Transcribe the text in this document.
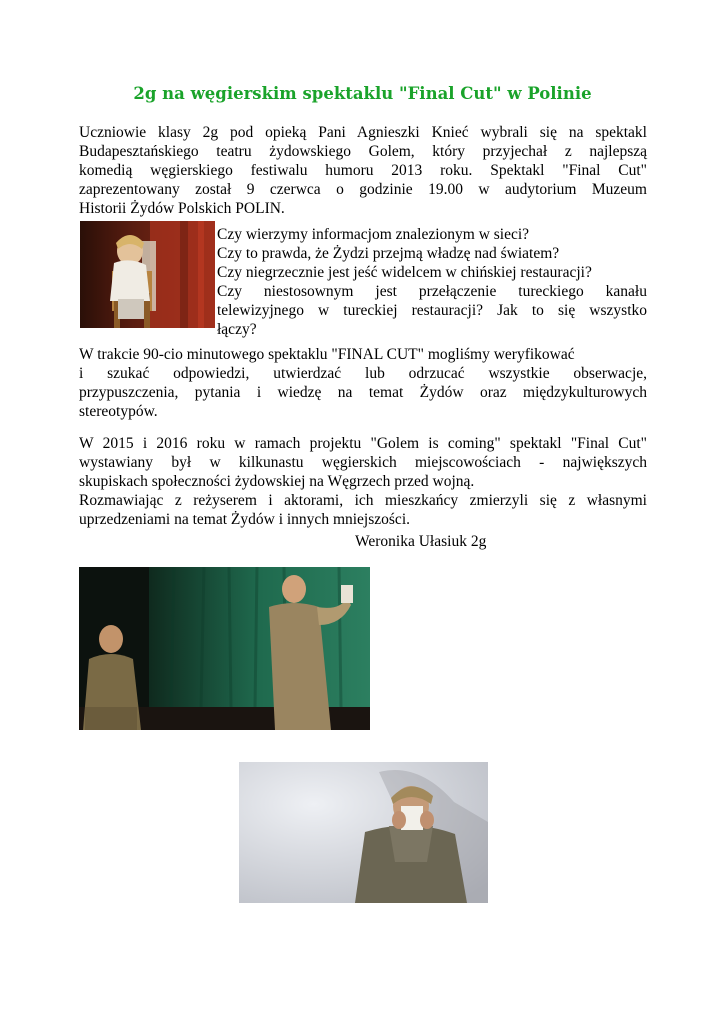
2g na węgierskim spektaklu "Final Cut" w Polinie
Uczniowie klasy 2g pod opieką Pani Agnieszki Knieć wybrali się na spektakl
Budapesztańskiego teatru żydowskiego Golem, który przyjechał z najlepszą
komedią węgierskiego festiwalu humoru 2013 roku. Spektakl "Final Cut"
zaprezentowany został 9 czerwca o godzinie 19.00 w audytorium Muzeum
Historii Żydów Polskich POLIN.
Czy wierzymy informacjom znalezionym w sieci?
Czy to prawda, że Żydzi przejmą władzę nad światem?
Czy niegrzecznie jest jeść widelcem w chińskiej restauracji?
Czy niestosownym jest przełączenie tureckiego kanału
telewizyjnego w tureckiej restauracji? Jak to się wszystko
łączy?
W trakcie 90-cio minutowego spektaklu "FINAL CUT" mogliśmy weryfikować
i szukać odpowiedzi, utwierdzać lub odrzucać wszystkie obserwacje,
przypuszczenia, pytania i wiedzę na temat Żydów oraz międzykulturowych
stereotypów.
W 2015 i 2016 roku w ramach projektu "Golem is coming" spektakl "Final Cut"
wystawiany był w kilkunastu węgierskich miejscowościach - największych
skupiskach społeczności żydowskiej na Węgrzech przed wojną.
Rozmawiając z reżyserem i aktorami, ich mieszkańcy zmierzyli się z własnymi
uprzedzeniami na temat Żydów i innych mniejszości.
Weronika Ułasiuk 2g
